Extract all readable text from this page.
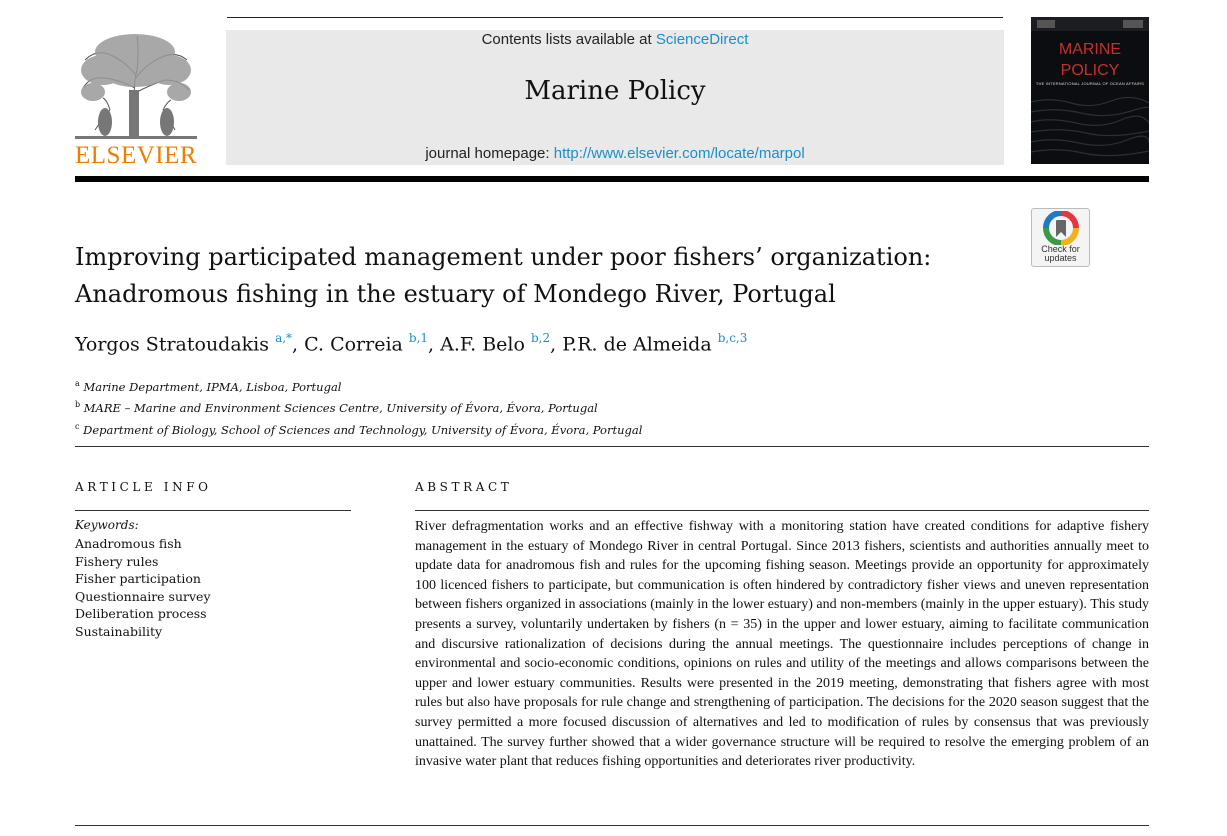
ELSEVIER
Contents lists available at ScienceDirect
Marine Policy
journal homepage: http://www.elsevier.com/locate/marpol
MARINE
POLICY
THE INTERNATIONAL JOURNAL OF OCEAN AFFAIRS
Check for
updates
Improving participated management under poor fishers’ organization:
Anadromous fishing in the estuary of Mondego River, Portugal
Yorgos Stratoudakis $^{a,*}$, C. Correia $^{b,1}$, A.F. Belo $^{b,2}$, P.R. de Almeida $^{b,c,3}$
$^a$ Marine Department, IPMA, Lisboa, Portugal
$^b$ MARE – Marine and Environment Sciences Centre, University of Évora, Évora, Portugal
$^c$ Department of Biology, School of Sciences and Technology, University of Évora, Évora, Portugal
ARTICLE INFO
Keywords:
Anadromous fish
Fishery rules
Fisher participation
Questionnaire survey
Deliberation process
Sustainability
ABSTRACT

River defragmentation works and an effective fishway with a monitoring station have created conditions for adaptive fishery management in the estuary of Mondego River in central Portugal. Since 2013 fishers, scientists and authorities annually meet to update data for anadromous fish and rules for the upcoming fishing season. Meetings provide an opportunity for approximately 100 licenced fishers to participate, but communication is often hindered by contradictory fisher views and uneven representation between fishers organized in associations (mainly in the lower estuary) and non-members (mainly in the upper estuary). This study presents a survey, voluntarily undertaken by fishers (n = 35) in the upper and lower estuary, aiming to facilitate communication and discursive rationalization of decisions during the annual meetings. The questionnaire includes perceptions of change in environmental and socio-economic conditions, opinions on rules and utility of the meetings and allows comparisons between the upper and lower estuary communities. Results were presented in the 2019 meeting, demonstrating that fishers agree with most rules but also have proposals for rule change and strengthening of participation. The decisions for the 2020 season suggest that the survey permitted a more focused discussion of alternatives and led to modification of rules by consensus that was previously unattained. The survey further showed that a wider governance structure will be required to resolve the emerging problem of an invasive water plant that reduces fishing opportunities and deteriorates river productivity.
